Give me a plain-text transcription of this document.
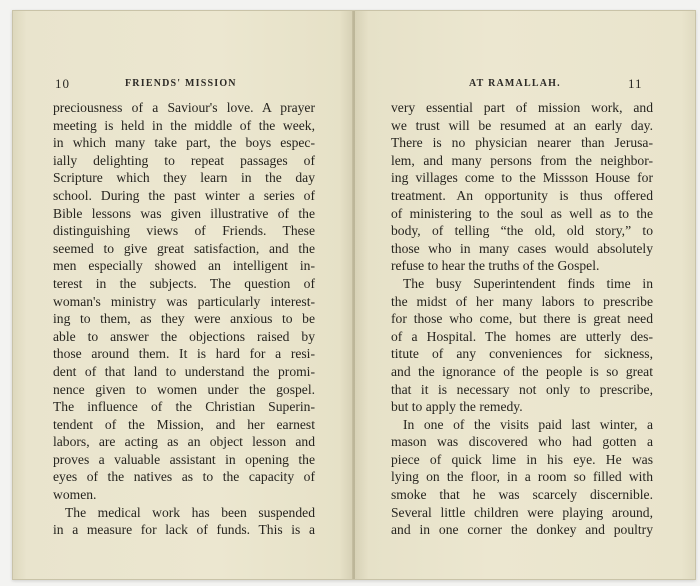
10	FRIENDS' MISSION
preciousness of a Saviour's love. A prayer
meeting is held in the middle of the week,
in which many take part, the boys espec-
ially delighting to repeat passages of
Scripture which they learn in the day
school. During the past winter a series of
Bible lessons was given illustrative of the
distinguishing views of Friends. These
seemed to give great satisfaction, and the
men especially showed an intelligent in-
terest in the subjects. The question of
woman's ministry was particularly interest-
ing to them, as they were anxious to be
able to answer the objections raised by
those around them. It is hard for a resi-
dent of that land to understand the promi-
nence given to women under the gospel.
The influence of the Christian Superin-
tendent of the Mission, and her earnest
labors, are acting as an object lesson and
proves a valuable assistant in opening the
eyes of the natives as to the capacity of
women.
The medical work has been suspended
in a measure for lack of funds. This is a
AT RAMALLAH.	11
very essential part of mission work, and
we trust will be resumed at an early day.
There is no physician nearer than Jerusa-
lem, and many persons from the neighbor-
ing villages come to the Missson House for
treatment. An opportunity is thus offered
of ministering to the soul as well as to the
body, of telling “the old, old story,” to
those who in many cases would absolutely
refuse to hear the truths of the Gospel.
The busy Superintendent finds time in
the midst of her many labors to prescribe
for those who come, but there is great need
of a Hospital. The homes are utterly des-
titute of any conveniences for sickness,
and the ignorance of the people is so great
that it is necessary not only to prescribe,
but to apply the remedy.
In one of the visits paid last winter, a
mason was discovered who had gotten a
piece of quick lime in his eye. He was
lying on the floor, in a room so filled with
smoke that he was scarcely discernible.
Several little children were playing around,
and in one corner the donkey and poultry
